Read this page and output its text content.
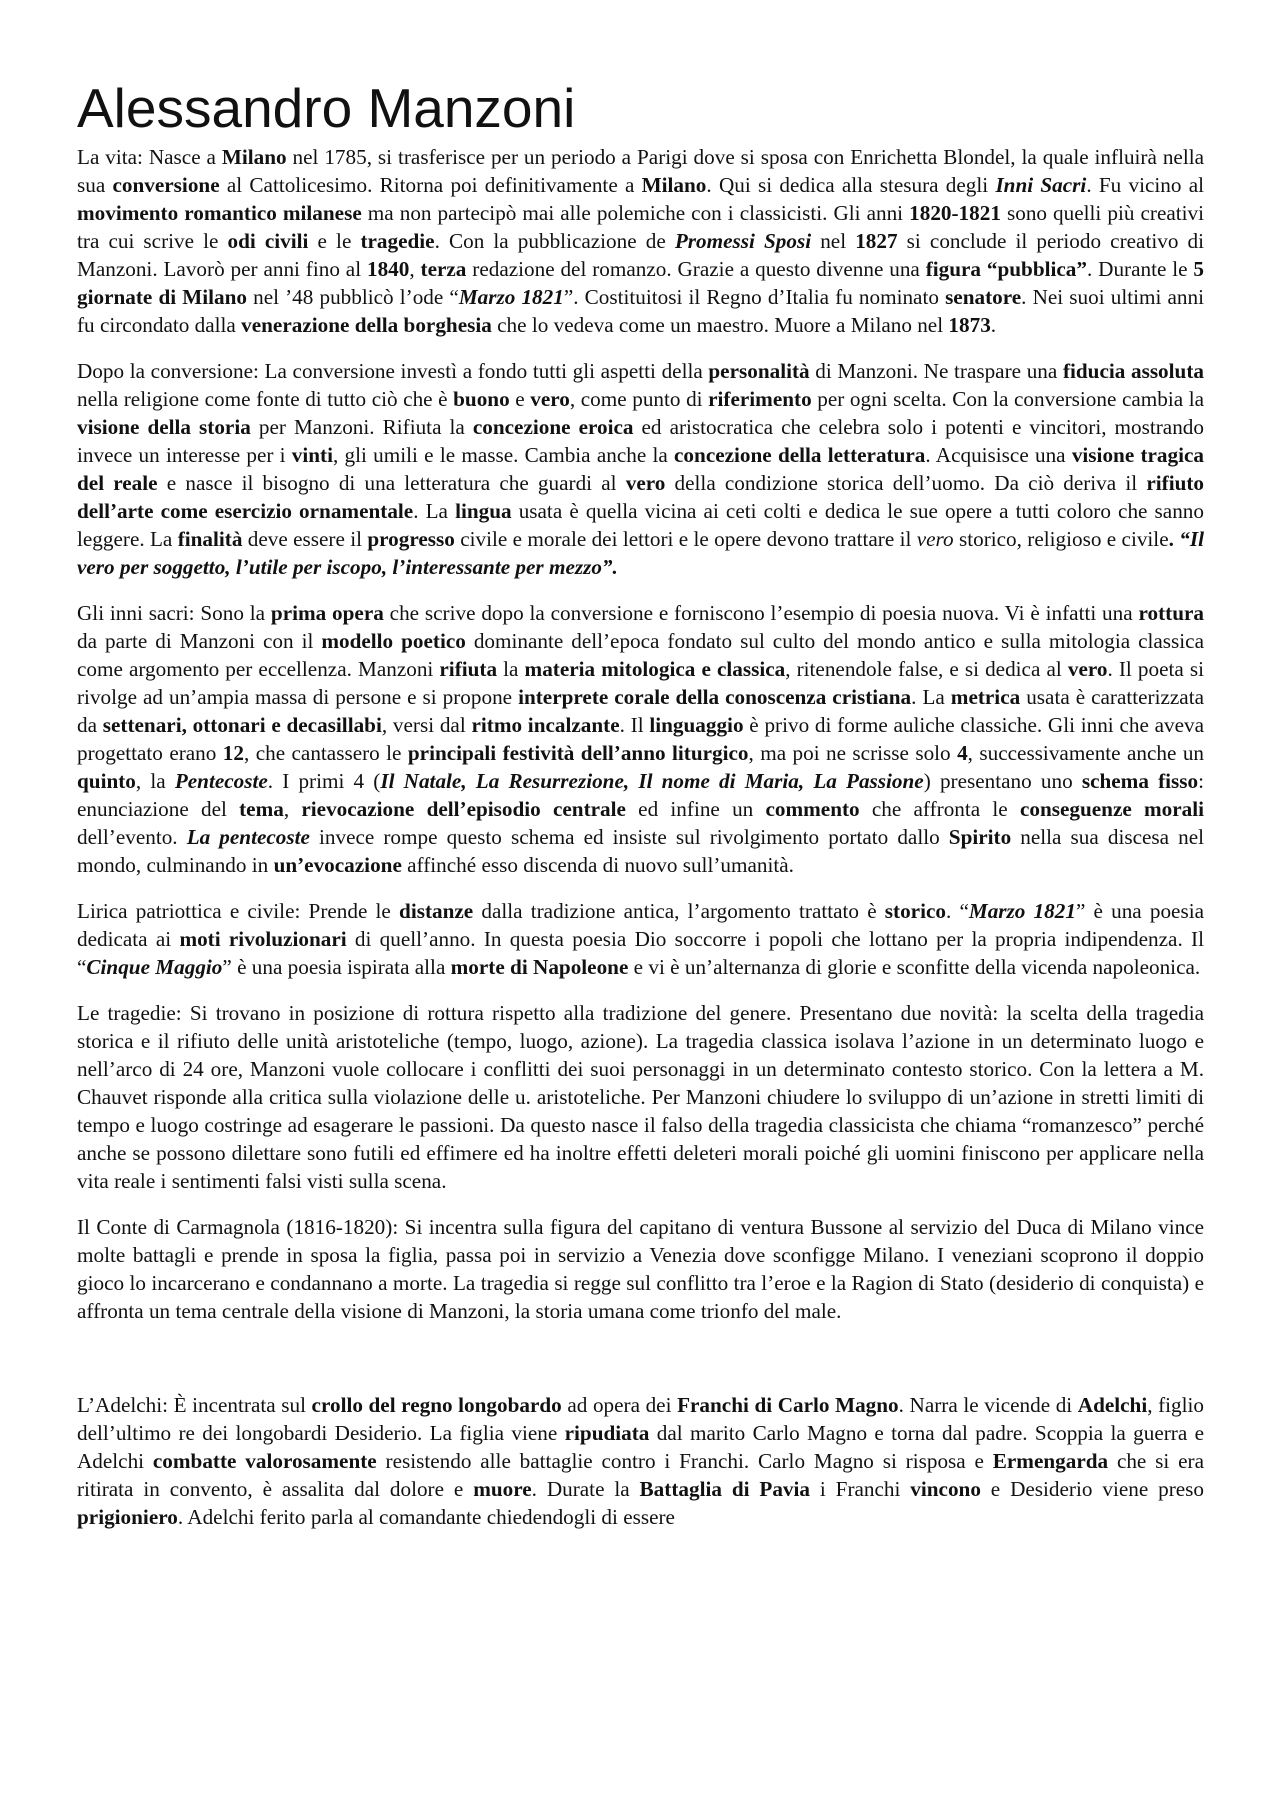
Alessandro Manzoni

La vita: Nasce a Milano nel 1785, si trasferisce per un periodo a Parigi dove si sposa con Enrichetta Blondel, la quale influirà nella sua conversione al Cattolicesimo. Ritorna poi definitivamente a Milano. Qui si dedica alla stesura degli Inni Sacri. Fu vicino al movimento romantico milanese ma non partecipò mai alle polemiche con i classicisti. Gli anni 1820-1821 sono quelli più creativi tra cui scrive le odi civili e le tragedie. Con la pubblicazione de Promessi Sposi nel 1827 si conclude il periodo creativo di Manzoni. Lavorò per anni fino al 1840, terza redazione del romanzo. Grazie a questo divenne una figura “pubblica”. Durante le 5 giornate di Milano nel ’48 pubblicò l’ode “Marzo 1821”. Costituitosi il Regno d’Italia fu nominato senatore. Nei suoi ultimi anni fu circondato dalla venerazione della borghesia che lo vedeva come un maestro. Muore a Milano nel 1873.

Dopo la conversione: La conversione investì a fondo tutti gli aspetti della personalità di Manzoni. Ne traspare una fiducia assoluta nella religione come fonte di tutto ciò che è buono e vero, come punto di riferimento per ogni scelta. Con la conversione cambia la visione della storia per Manzoni. Rifiuta la concezione eroica ed aristocratica che celebra solo i potenti e vincitori, mostrando invece un interesse per i vinti, gli umili e le masse. Cambia anche la concezione della letteratura. Acquisisce una visione tragica del reale e nasce il bisogno di una letteratura che guardi al vero della condizione storica dell’uomo. Da ciò deriva il rifiuto dell’arte come esercizio ornamentale. La lingua usata è quella vicina ai ceti colti e dedica le sue opere a tutti coloro che sanno leggere. La finalità deve essere il progresso civile e morale dei lettori e le opere devono trattare il vero storico, religioso e civile. “Il vero per soggetto, l’utile per iscopo, l’interessante per mezzo”.

Gli inni sacri: Sono la prima opera che scrive dopo la conversione e forniscono l’esempio di poesia nuova. Vi è infatti una rottura da parte di Manzoni con il modello poetico dominante dell’epoca fondato sul culto del mondo antico e sulla mitologia classica come argomento per eccellenza. Manzoni rifiuta la materia mitologica e classica, ritenendole false, e si dedica al vero. Il poeta si rivolge ad un’ampia massa di persone e si propone interprete corale della conoscenza cristiana. La metrica usata è caratterizzata da settenari, ottonari e decasillabi, versi dal ritmo incalzante. Il linguaggio è privo di forme auliche classiche. Gli inni che aveva progettato erano 12, che cantassero le principali festività dell’anno liturgico, ma poi ne scrisse solo 4, successivamente anche un quinto, la Pentecoste. I primi 4 (Il Natale, La Resurrezione, Il nome di Maria, La Passione) presentano uno schema fisso: enunciazione del tema, rievocazione dell’episodio centrale ed infine un commento che affronta le conseguenze morali dell’evento. La pentecoste invece rompe questo schema ed insiste sul rivolgimento portato dallo Spirito nella sua discesa nel mondo, culminando in un’evocazione affinché esso discenda di nuovo sull’umanità.

Lirica patriottica e civile: Prende le distanze dalla tradizione antica, l’argomento trattato è storico. “Marzo 1821” è una poesia dedicata ai moti rivoluzionari di quell’anno. In questa poesia Dio soccorre i popoli che lottano per la propria indipendenza. Il “Cinque Maggio” è una poesia ispirata alla morte di Napoleone e vi è un’alternanza di glorie e sconfitte della vicenda napoleonica.

Le tragedie: Si trovano in posizione di rottura rispetto alla tradizione del genere. Presentano due novità: la scelta della tragedia storica e il rifiuto delle unità aristoteliche (tempo, luogo, azione). La tragedia classica isolava l’azione in un determinato luogo e nell’arco di 24 ore, Manzoni vuole collocare i conflitti dei suoi personaggi in un determinato contesto storico. Con la lettera a M. Chauvet risponde alla critica sulla violazione delle u. aristoteliche. Per Manzoni chiudere lo sviluppo di un’azione in stretti limiti di tempo e luogo costringe ad esagerare le passioni. Da questo nasce il falso della tragedia classicista che chiama “romanzesco” perché anche se possono dilettare sono futili ed effimere ed ha inoltre effetti deleteri morali poiché gli uomini finiscono per applicare nella vita reale i sentimenti falsi visti sulla scena.

Il Conte di Carmagnola (1816-1820): Si incentra sulla figura del capitano di ventura Bussone al servizio del Duca di Milano vince molte battagli e prende in sposa la figlia, passa poi in servizio a Venezia dove sconfigge Milano. I veneziani scoprono il doppio gioco lo incarcerano e condannano a morte. La tragedia si regge sul conflitto tra l’eroe e la Ragion di Stato (desiderio di conquista) e affronta un tema centrale della visione di Manzoni, la storia umana come trionfo del male.

L’Adelchi: È incentrata sul crollo del regno longobardo ad opera dei Franchi di Carlo Magno. Narra le vicende di Adelchi, figlio dell’ultimo re dei longobardi Desiderio. La figlia viene ripudiata dal marito Carlo Magno e torna dal padre. Scoppia la guerra e Adelchi combatte valorosamente resistendo alle battaglie contro i Franchi. Carlo Magno si risposa e Ermengarda che si era ritirata in convento, è assalita dal dolore e muore. Durate la Battaglia di Pavia i Franchi vincono e Desiderio viene preso prigioniero. Adelchi ferito parla al comandante chiedendogli di essere
